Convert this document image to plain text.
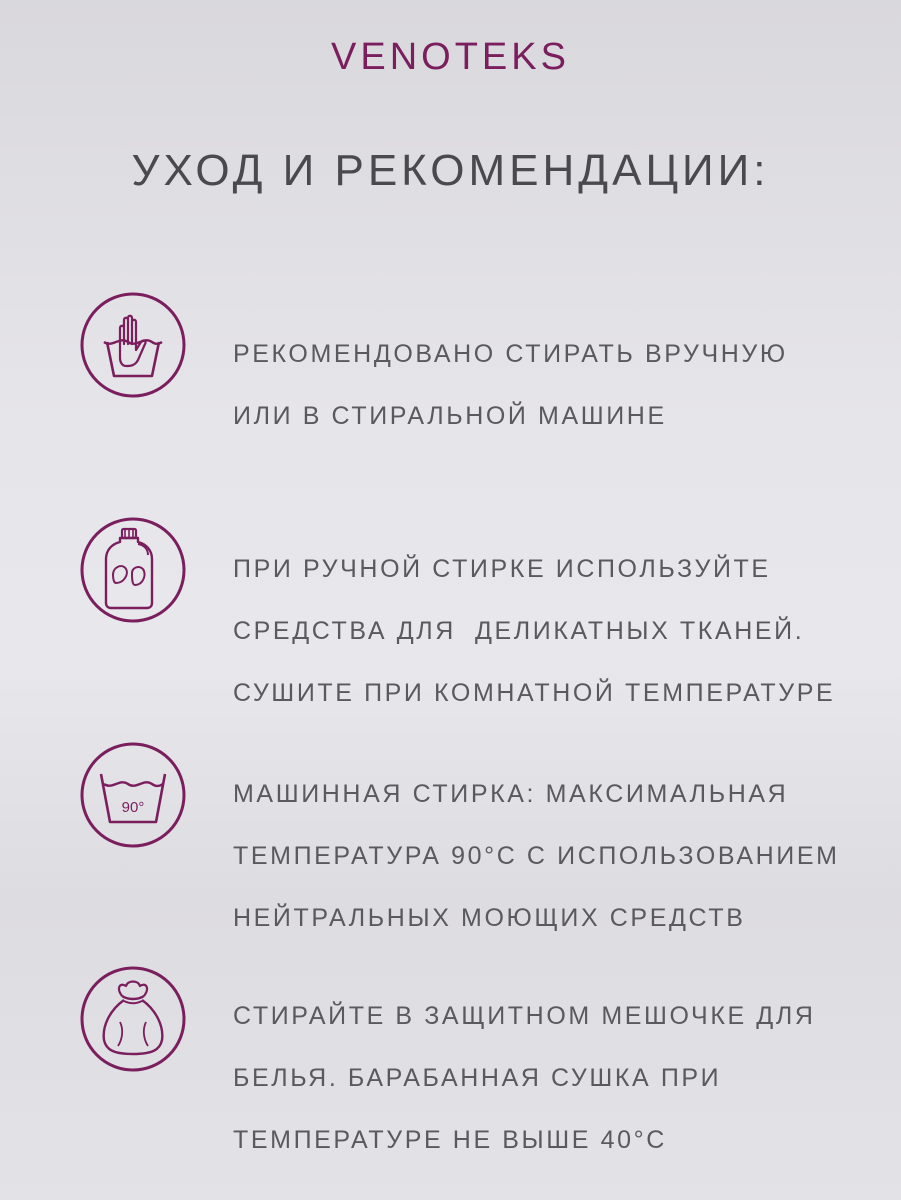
VENOTEKS
УХОД И РЕКОМЕНДАЦИИ:

РЕКОМЕНДОВАНО СТИРАТЬ ВРУЧНУЮ

ИЛИ В СТИРАЛЬНОЙ МАШИНЕ

ПРИ РУЧНОЙ СТИРКЕ ИСПОЛЬЗУЙТЕ

СРЕДСТВА ДЛЯ  ДЕЛИКАТНЫХ ТКАНЕЙ.

СУШИТЕ ПРИ КОМНАТНОЙ ТЕМПЕРАТУРЕ

90°	МАШИННАЯ СТИРКА: МАКСИМАЛЬНАЯ

ТЕМПЕРАТУРА 90°С С ИСПОЛЬЗОВАНИЕМ

НЕЙТРАЛЬНЫХ МОЮЩИХ СРЕДСТВ

СТИРАЙТЕ В ЗАЩИТНОМ МЕШОЧКЕ ДЛЯ

БЕЛЬЯ. БАРАБАННАЯ СУШКА ПРИ

ТЕМПЕРАТУРЕ НЕ ВЫШЕ 40°С
